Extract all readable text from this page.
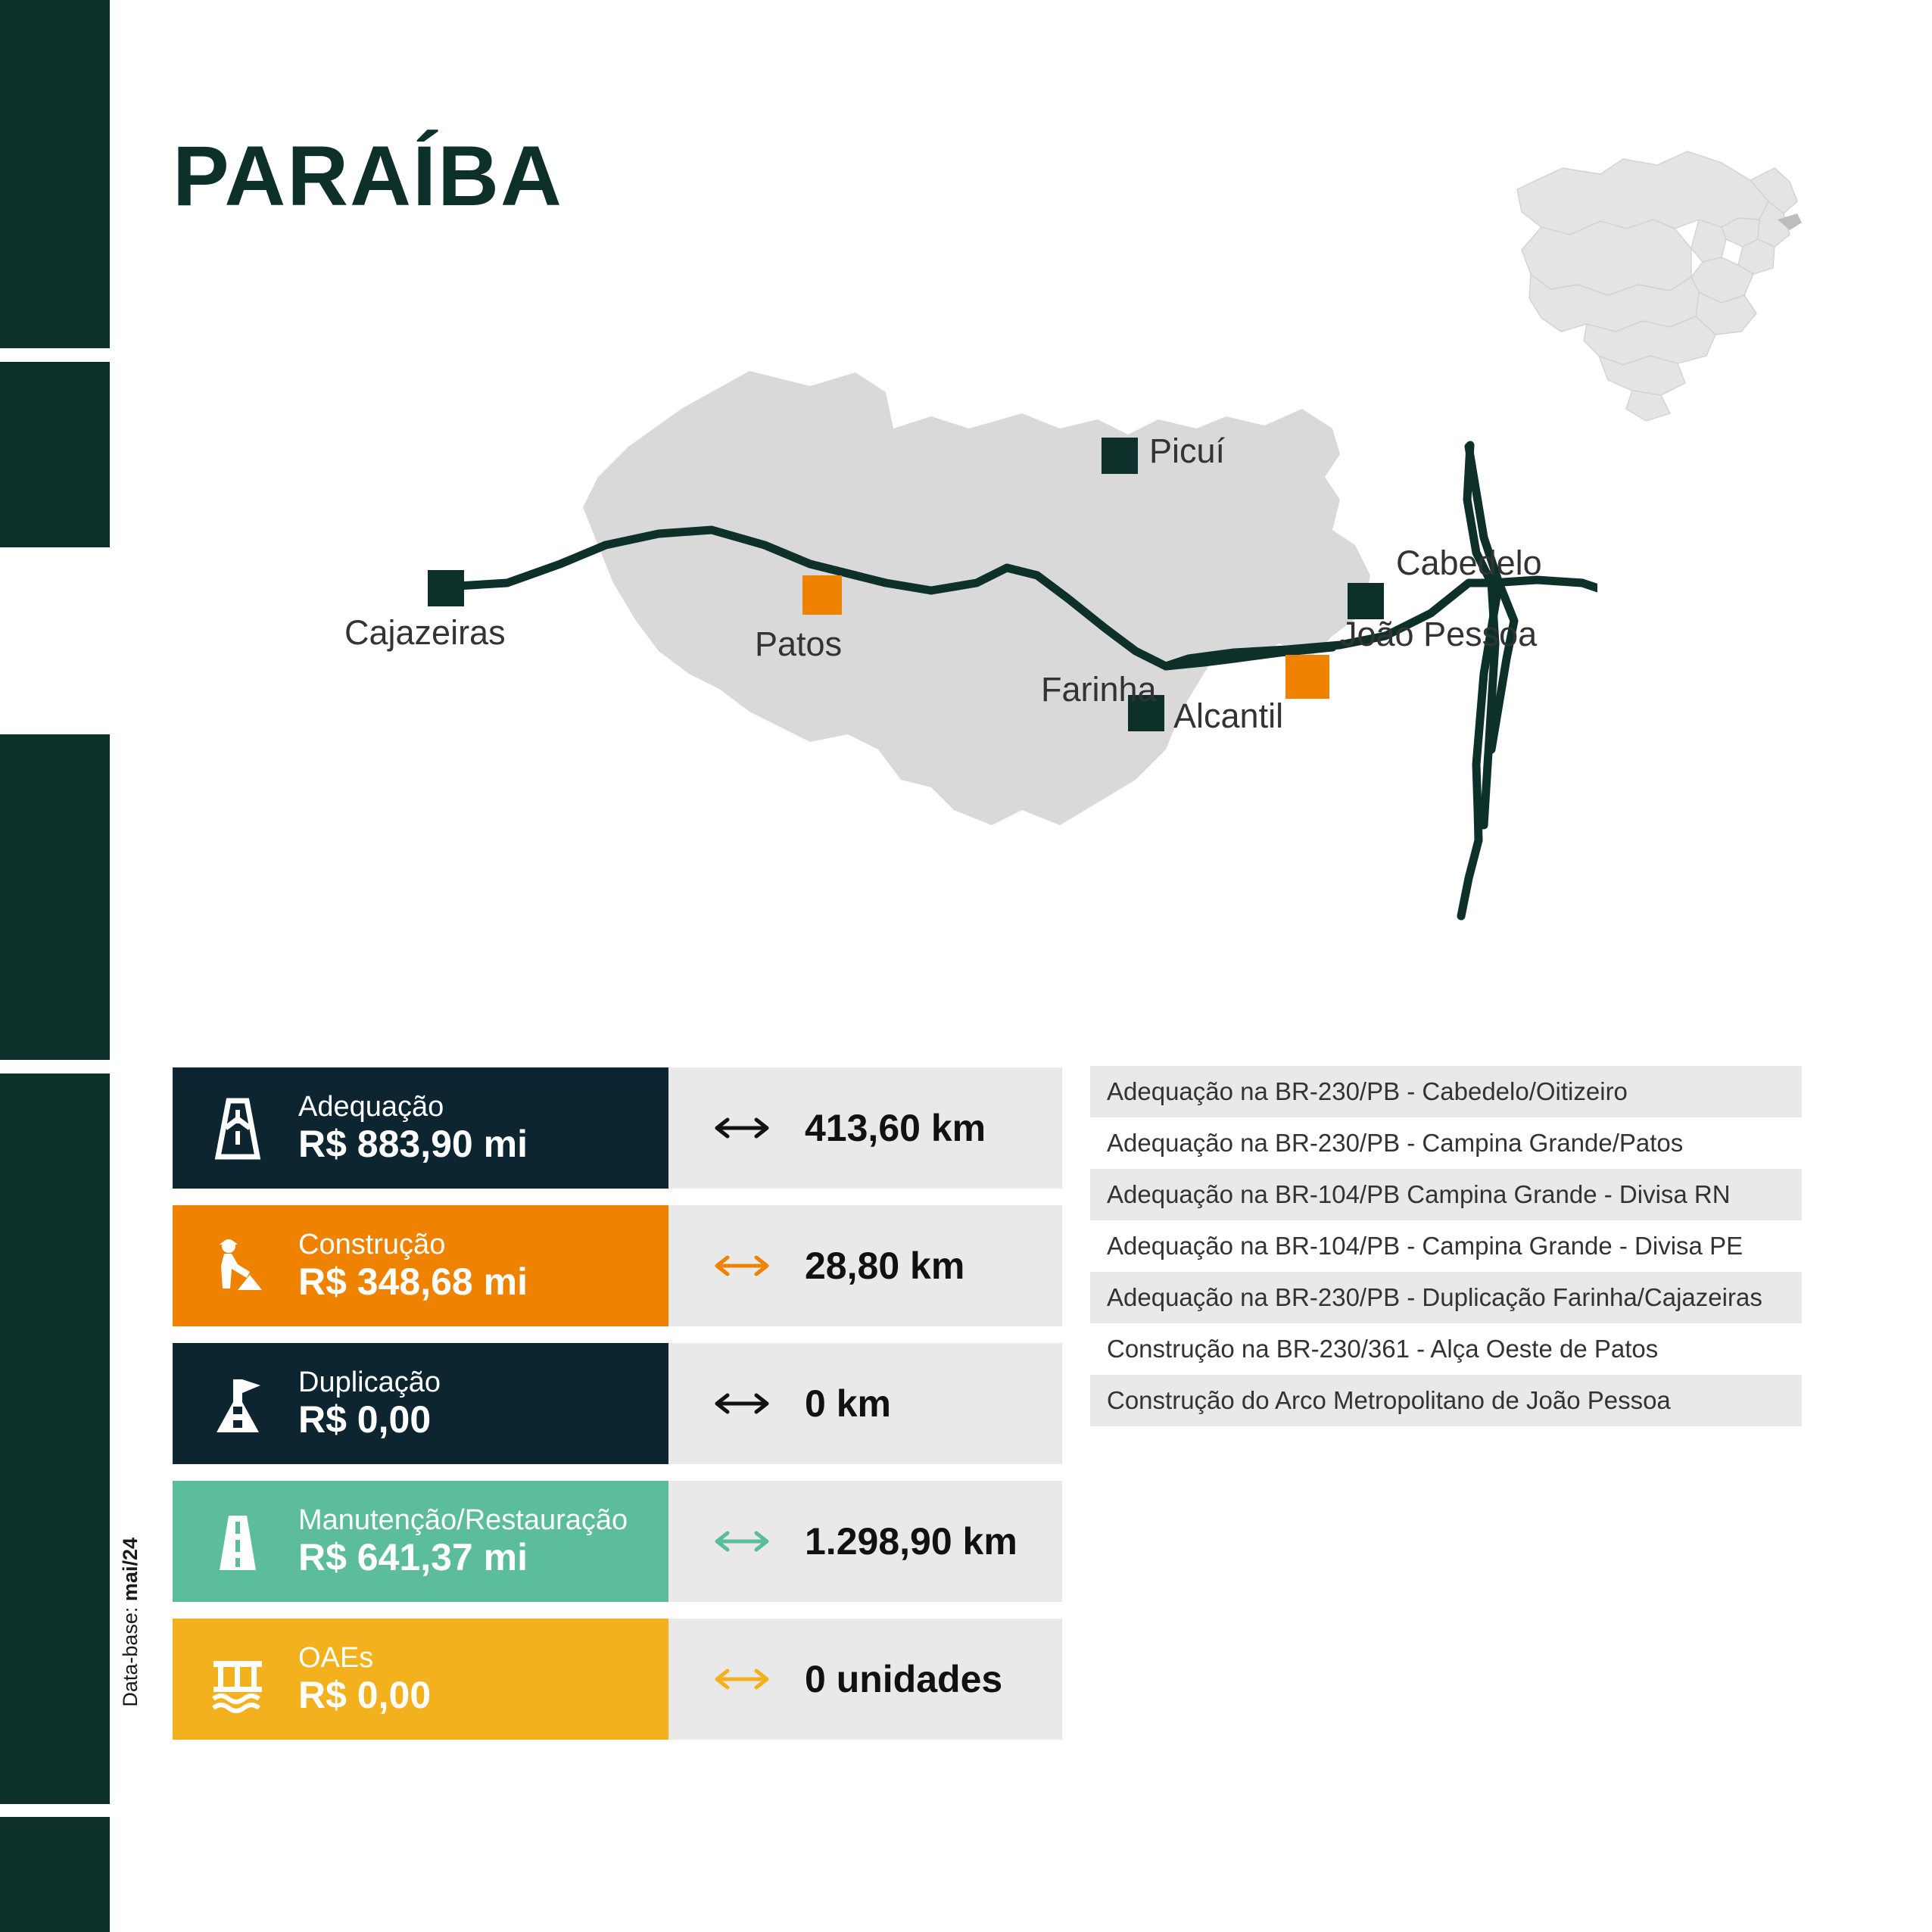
PARAÍBA
Picuí
Cabedelo
João Pessoa
Cajazeiras	Patos
Farinha
Alcantil
Adequação
R$ 883,90 mi	413,60 km
Construção
R$ 348,68 mi	28,80 km
Duplicação
R$ 0,00	0 km
Manutenção/Restauração
R$ 641,37 mi	1.298,90 km
OAEs
R$ 0,00	0 unidades
Adequação na BR-230/PB - Cabedelo/Oitizeiro
Adequação na BR-230/PB - Campina Grande/Patos
Adequação na BR-104/PB Campina Grande - Divisa RN
Adequação na BR-104/PB - Campina Grande - Divisa PE
Adequação na BR-230/PB - Duplicação Farinha/Cajazeiras
Construção na BR-230/361 - Alça Oeste de Patos
Construção do Arco Metropolitano de João Pessoa
Data-base: mai/24
